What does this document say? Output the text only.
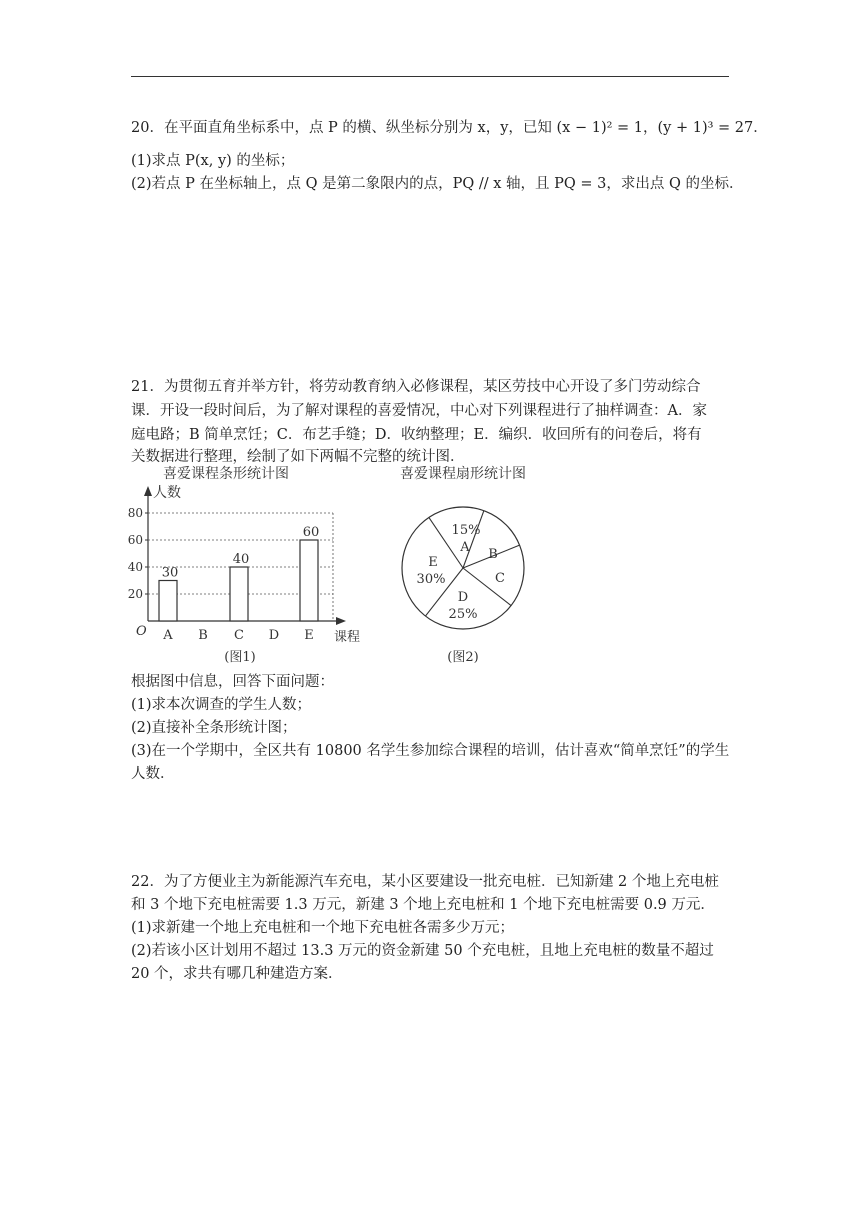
20．在平面直角坐标系中，点 P 的横、纵坐标分别为 x，y，已知 (x − 1)² = 1，(y + 1)³ = 27．
(1)求点 P(x, y) 的坐标；
(2)若点 P 在坐标轴上，点 Q 是第二象限内的点，PQ // x 轴，且 PQ = 3，求出点 Q 的坐标．
21．为贯彻五育并举方针，将劳动教育纳入必修课程，某区劳技中心开设了多门劳动综合
课．开设一段时间后，为了解对课程的喜爱情况，中心对下列课程进行了抽样调查：A．家
庭电路；B 简单烹饪；C．布艺手缝；D．收纳整理；E．编织．收回所有的问卷后，将有
关数据进行整理，绘制了如下两幅不完整的统计图．
喜爱课程条形统计图
人数
课程
O
20
40
60
80
30
A B
40
C D
60
E
(图1)
喜爱课程扇形统计图
15%
A B
C
D
25%
E
30%
(图2)
根据图中信息，回答下面问题：
(1)求本次调查的学生人数；
(2)直接补全条形统计图；
(3)在一个学期中，全区共有 10800 名学生参加综合课程的培训，估计喜欢“简单烹饪”的学生
人数．
22．为了方便业主为新能源汽车充电，某小区要建设一批充电桩．已知新建 2 个地上充电桩
和 3 个地下充电桩需要 1.3 万元，新建 3 个地上充电桩和 1 个地下充电桩需要 0.9 万元．
(1)求新建一个地上充电桩和一个地下充电桩各需多少万元；
(2)若该小区计划用不超过 13.3 万元的资金新建 50 个充电桩，且地上充电桩的数量不超过
20 个，求共有哪几种建造方案．
